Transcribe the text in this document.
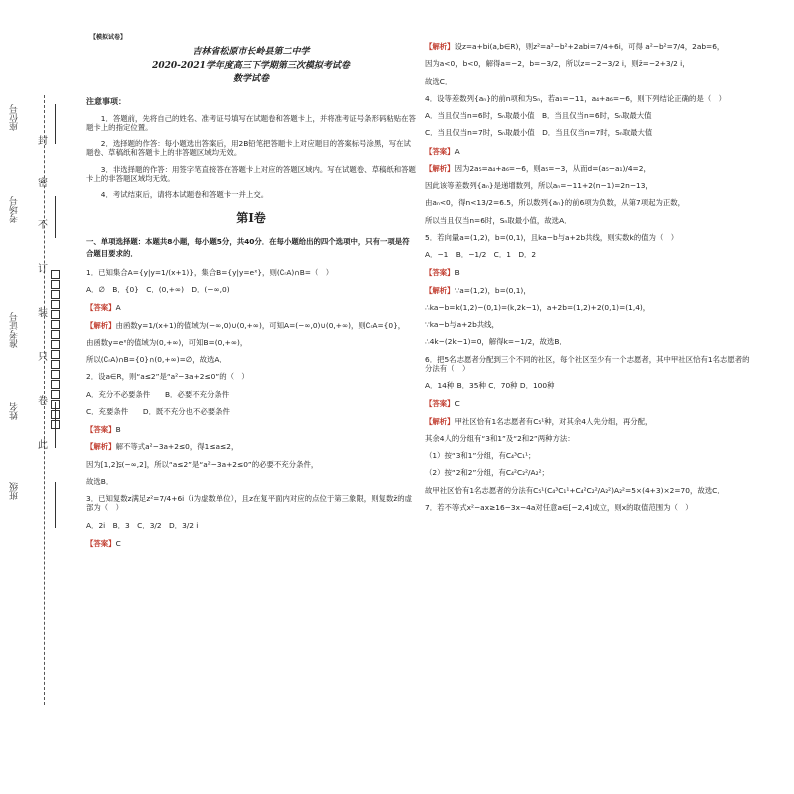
座位号
考场号
准考证号
姓名
班级
封
密
不
订
装
只
卷
此
【模拟试卷】
吉林省松原市长岭县第二中学
2020-2021学年度高三下学期第三次模拟考试卷
数学试卷
注意事项：

1．答题前，先将自己的姓名、准考证号填写在试题卷和答题卡上，并将准考证号条形码粘贴在答题卡上的指定位置。

2．选择题的作答：每小题选出答案后，用2B铅笔把答题卡上对应题目的答案标号涂黑，写在试题卷、草稿纸和答题卡上的非答题区域均无效。

3．非选择题的作答：用签字笔直接答在答题卡上对应的答题区域内。写在试题卷、草稿纸和答题卡上的非答题区域均无效。

4．考试结束后，请将本试题卷和答题卡一并上交。

第Ⅰ卷
一、单项选择题：本题共8小题，每小题5分，共40分．在每小题给出的四个选项中，只有一项是符合题目要求的．
1．已知集合A={y|y=1/(x+1)}，集合B={y|y=eˣ}，则(∁ᵣA)∩B=（　）
A．∅　B．{0}　C．(0,+∞)　D．(−∞,0)
【答案】A
【解析】由函数y=1/(x+1)的值域为(−∞,0)∪(0,+∞)，可知A=(−∞,0)∪(0,+∞)，则∁ᵣA={0}，
由函数y=eˣ的值域为(0,+∞)，可知B=(0,+∞)，
所以(∁ᵣA)∩B={0}∩(0,+∞)=∅，故选A．
2．设a∈R，则“a≤2”是“a²−3a+2≤0”的（　）
A．充分不必要条件　　B．必要不充分条件
C．充要条件　　D．既不充分也不必要条件
【答案】B
【解析】解不等式a²−3a+2≤0，得1≤a≤2，
因为[1,2]⫋(−∞,2]，所以“a≤2”是“a²−3a+2≤0”的必要不充分条件，
故选B．
3．已知复数z满足z²=7/4+6i（i为虚数单位），且z在复平面内对应的点位于第三象限，则复数z̄的虚部为（　）
A．2i　B．3　C．3/2　D．3/2 i
【答案】C
【解析】设z=a+bi(a,b∈R)，则z²=a²−b²+2abi=7/4+6i，可得 a²−b²=7/4，2ab=6，
因为a<0，b<0，解得a=−2，b=−3/2，所以z=−2−3/2 i，则z̄=−2+3/2 i，
故选C．
4．设等差数列{aₙ}的前n项和为Sₙ，若a₁=−11，a₄+a₆=−6，则下列结论正确的是（　）
A．当且仅当n=6时，Sₙ取最小值　B．当且仅当n=6时，Sₙ取最大值
C．当且仅当n=7时，Sₙ取最小值　D．当且仅当n=7时，Sₙ取最大值
【答案】A
【解析】因为2a₅=a₄+a₆=−6，则a₅=−3，从而d=(a₅−a₁)/4=2，
因此该等差数列{aₙ}是递增数列，所以aₙ=−11+2(n−1)=2n−13，
由aₙ<0，得n<13/2=6.5，所以数列{aₙ}的前6项为负数，从第7项起为正数，
所以当且仅当n=6时，Sₙ取最小值，故选A．
5．若向量a=(1,2)，b=(0,1)，且ka−b与a+2b共线，则实数k的值为（　）
A．−1　B．−1/2　C．1　D．2
【答案】B
【解析】∵a=(1,2)，b=(0,1)，
∴ka−b=k(1,2)−(0,1)=(k,2k−1)，a+2b=(1,2)+2(0,1)=(1,4)，
∵ka−b与a+2b共线，
∴4k−(2k−1)=0，解得k=−1/2，故选B．
6．把5名志愿者分配到三个不同的社区，每个社区至少有一个志愿者，其中甲社区恰有1名志愿者的分法有（　）
A．14种 B．35种 C．70种 D．100种
【答案】C
【解析】甲社区恰有1名志愿者有C₅¹种，对其余4人先分组，再分配，
其余4人的分组有“3和1”及“2和2”两种方法：
（1）按“3和1”分组，有C₄³C₁¹；
（2）按“2和2”分组，有C₄²C₂²/A₂²；
故甲社区恰有1名志愿者的分法有C₅¹(C₄³C₁¹+C₄²C₂²/A₂²)A₂²=5×(4+3)×2=70，故选C．
7．若不等式x²−ax≥16−3x−4a对任意a∈[−2,4]成立，则x的取值范围为（　）
